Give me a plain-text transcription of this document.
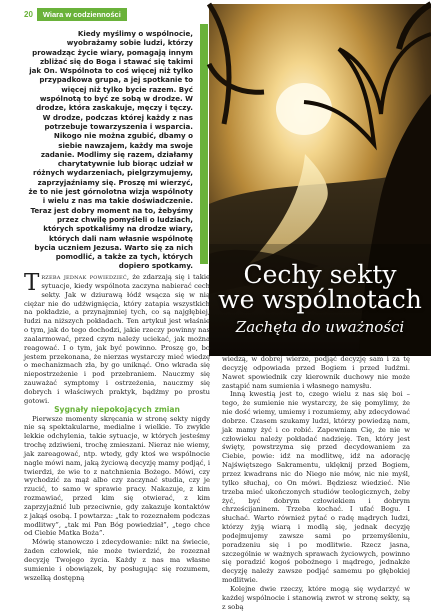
20	Wiara w codzienności
Kiedy myślimy o wspólnocie, wyobrażamy sobie ludzi, którzy prowadząc życie wiary, pomagają innym zbliżać się do Boga i stawać się takimi jak On. Wspólnota to coś więcej niż tylko przypadkowa grupa, a jej spotkanie to więcej niż tylko bycie razem. Być wspólnotą to być ze sobą w drodze. W drodze, która zaskakuje, męczy i tęczy. W drodze, podczas której każdy z nas potrzebuje towarzyszenia i wsparcia. Nikogo nie można zgubić, dbamy o siebie nawzajem, każdy ma swoje zadanie. Modlimy się razem, działamy charytatywnie lub biorąc udział w różnych wydarzeniach, pielgrzymujemy, zaprzyjaźniamy się. Proszę mi wierzyć, że to nie jest górnolotna wizja wspólnoty i wielu z nas ma takie doświadczenie. Teraz jest dobry moment na to, żebyśmy przez chwilę pomyśleli o ludziach, których spotkaliśmy na drodze wiary, których dali nam własnie wspólnotę bycia uczniem Jezusa. Warto się za nich pomodlić, a także za tych, których dopiero spotkamy.	Cechy sekty
we wspólnotach
Zachęta do uważności

Trzeba jednak powiedzieć, że zdarzają się i takie sytuacje, kiedy wspólnota zaczyna nabierać cech sekty. Jak w dziurawą łódź wsącza się w nią ciężar nie do udźwignięcia, który zatapia wszystkich na pokładzie, a przynajmniej tych, co są najgłębiej, łudzi na niższych pokładach. Ten artykuł jest właśnie o tym, jak do tego dochodzi, jakie rzeczy powinny nas zaalarmować, przed czym należy uciekać, jak można reagować. I o tym, jak być powinno. Proszę go, bo jestem przekonana, że nierzas wystarczy mieć wiedzę o mechanizmach zła, by go uniknąć. Ono wkrada się niepostrzeżenie i pod przebraniem. Nauczmy się zauważać symptomy i ostrzeżenia, nauczmy się dobrych i właściwych praktyk, bądźmy po prostu gotowi.

Sygnały niepokojących zmian

Pierwsze momenty skręcania w stronę sekty nigdy nie są spektakularne, medialne i wielkie. To zwykle lekkie odchylenia, takie sytuacje, w których jesteśmy trochę zdziwieni, trochę zmieszani. Nieraz nie wiemy, jak zareagować, ntp. wtedy, gdy ktoś we wspólnocie nagle mówi nam, jaką życiową decyzję mamy podjąć, i twierdzi, że wie to z natchnienia Bożego. Mówi, czy wychodzić za mąż albo czy zaczynać studia, czy je rzucić, to samo w sprawie pracy. Nakazuje, z kim rozmawiać, przed kim się otwierać, z kim zaprzyjaźnić lub przeciwnie, gdy zakazuje kontaktów z jakąś osobą. I powtarza: „tak to rozeznałem podczas modlitwy”, „tak mi Pan Bóg powiedział”, „tego chce od Ciebie Matka Boża”.

Mówię stanowczo i zdecydowanie: nikt na świecie, żaden człowiek, nie może twierdzić, że rozeznał decyzję Twojego życia. Każdy z nas ma własne sumienie i obowiązek, by posługując się rozumem, wszelką dostępną

wiedzą, w dobrej wierze, podjąć decyzję sam i za tę decyzję odpowiada przed Bogiem i przed ludźmi. Nawet spowiednik czy kierownik duchowy nie może zastąpić nam sumienia i własnego namysłu.

Inną kwestią jest to, czego wielu z nas się boi – tego, że sumienie nie wystarczy, że się pomylimy, że nie dość wiemy, umiemy i rozumiemy, aby zdecydować dobrze. Czasem szukamy ludzi, którzy powiedzą nam, jak mamy żyć i co robić. Zapewniam Cię, że nie w człowieku należy pokładać nadzieję. Ten, który jest święty, powstrzyma się przed decydowaniem za Ciebie, powie: idź na modlitwę, idź na adorację Najświętszego Sakramentu, uklęknij przed Bogiem, przez kwadrans nic do Niego nie mów, nic nie myśl, tylko słuchaj, co On mówi. Będziesz wiedzieć. Nie trzeba mieć ukończonych studiów teologicznych, żeby żyć, być dobrym człowiekiem i dobrym chrześcijaninem. Trzeba kochać. I ufać Bogu. I słuchać. Warto również pytać o radę mądrych ludzi, którzy żyją wiarą i modlą się, jednak decyzję podejmujemy zawsze sami po przemyśleniu, poradzeniu się i po modlitwie. Rzecz jasna, szczególnie w ważnych sprawach życiowych, powinno się poradzić kogoś pobożnego i mądrego, jednakże decyzję należy zawsze podjąć samemu po głębokiej modlitwie.

Kolejne dwie rzeczy, które mogą się wydarzyć w każdej wspólnocie i stanowią zwrot w stronę sekty, są z sobą
